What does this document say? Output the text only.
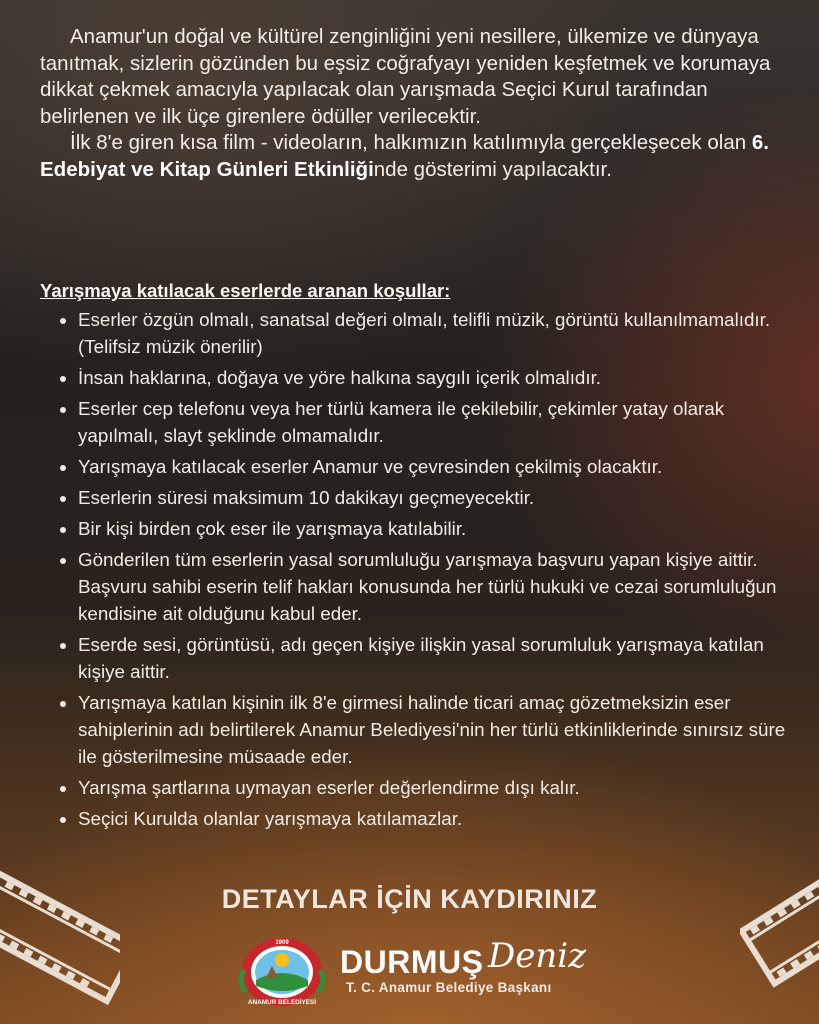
Anamur'un doğal ve kültürel zenginliğini yeni nesillere, ülkemize ve dünyaya tanıtmak, sizlerin gözünden bu eşsiz coğrafyayı yeniden keşfetmek ve korumaya dikkat çekmek amacıyla yapılacak olan yarışmada Seçici Kurul tarafından belirlenen ve ilk üçe girenlere ödüller verilecektir.

İlk 8'e giren kısa film - videoların, halkımızın katılımıyla gerçekleşecek olan 6. Edebiyat ve Kitap Günleri Etkinliğinde gösterimi yapılacaktır.

Yarışmaya katılacak eserlerde aranan koşullar:
• Eserler özgün olmalı, sanatsal değeri olmalı, telifli müzik, görüntü kullanılmamalıdır. (Telifsiz müzik önerilir)
• İnsan haklarına, doğaya ve yöre halkına saygılı içerik olmalıdır.
• Eserler cep telefonu veya her türlü kamera ile çekilebilir, çekimler yatay olarak yapılmalı, slayt şeklinde olmamalıdır.
• Yarışmaya katılacak eserler Anamur ve çevresinden çekilmiş olacaktır.
• Eserlerin süresi maksimum 10 dakikayı geçmeyecektir.
• Bir kişi birden çok eser ile yarışmaya katılabilir.
• Gönderilen tüm eserlerin yasal sorumluluğu yarışmaya başvuru yapan kişiye aittir. Başvuru sahibi eserin telif hakları konusunda her türlü hukuki ve cezai sorumluluğun kendisine ait olduğunu kabul eder.
• Eserde sesi, görüntüsü, adı geçen kişiye ilişkin yasal sorumluluk yarışmaya katılan kişiye aittir.
• Yarışmaya katılan kişinin ilk 8'e girmesi halinde ticari amaç gözetmeksizin eser sahiplerinin adı belirtilerek Anamur Belediyesi'nin her türlü etkinliklerinde sınırsız süre ile gösterilmesine müsaade eder.
• Yarışma şartlarına uymayan eserler değerlendirme dışı kalır.
• Seçici Kurulda olanlar yarışmaya katılamazlar.
DETAYLAR İÇİN KAYDIRINIZ
1909
ANAMUR BELEDİYESİ
DURMUŞ Deniz
T. C. Anamur Belediye Başkanı
